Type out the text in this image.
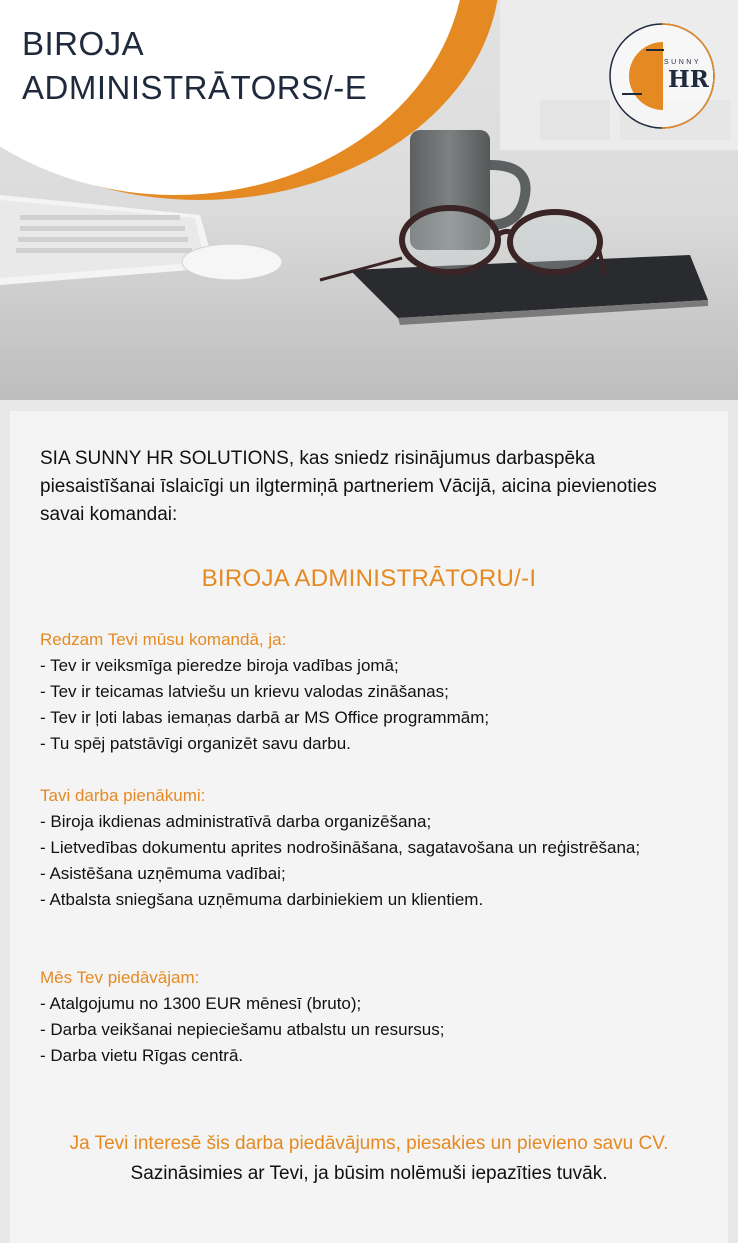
BIROJA
ADMINISTRĀTORS/-E
SUNNY
HR
SIA SUNNY HR SOLUTIONS, kas sniedz risinājumus darbaspēka piesaistīšanai īslaicīgi un ilgtermiņā partneriem Vācijā, aicina pievienoties savai komandai:
BIROJA ADMINISTRĀTORU/-I
Redzam Tevi mūsu komandā, ja:
- Tev ir veiksmīga pieredze biroja vadības jomā;
- Tev ir teicamas latviešu un krievu valodas zināšanas;
- Tev ir ļoti labas iemaņas darbā ar MS Office programmām;
- Tu spēj patstāvīgi organizēt savu darbu.
Tavi darba pienākumi:
- Biroja ikdienas administratīvā darba organizēšana;
- Lietvedības dokumentu aprites nodrošināšana, sagatavošana un reģistrēšana;
- Asistēšana uzņēmuma vadībai;
- Atbalsta sniegšana uzņēmuma darbiniekiem un klientiem.
Mēs Tev piedāvājam:
- Atalgojumu no 1300 EUR mēnesī (bruto);
- Darba veikšanai nepieciešamu atbalstu un resursus;
- Darba vietu Rīgas centrā.
Ja Tevi interesē šis darba piedāvājums, piesakies un pievieno savu CV.
Sazināsimies ar Tevi, ja būsim nolēmuši iepazīties tuvāk.
